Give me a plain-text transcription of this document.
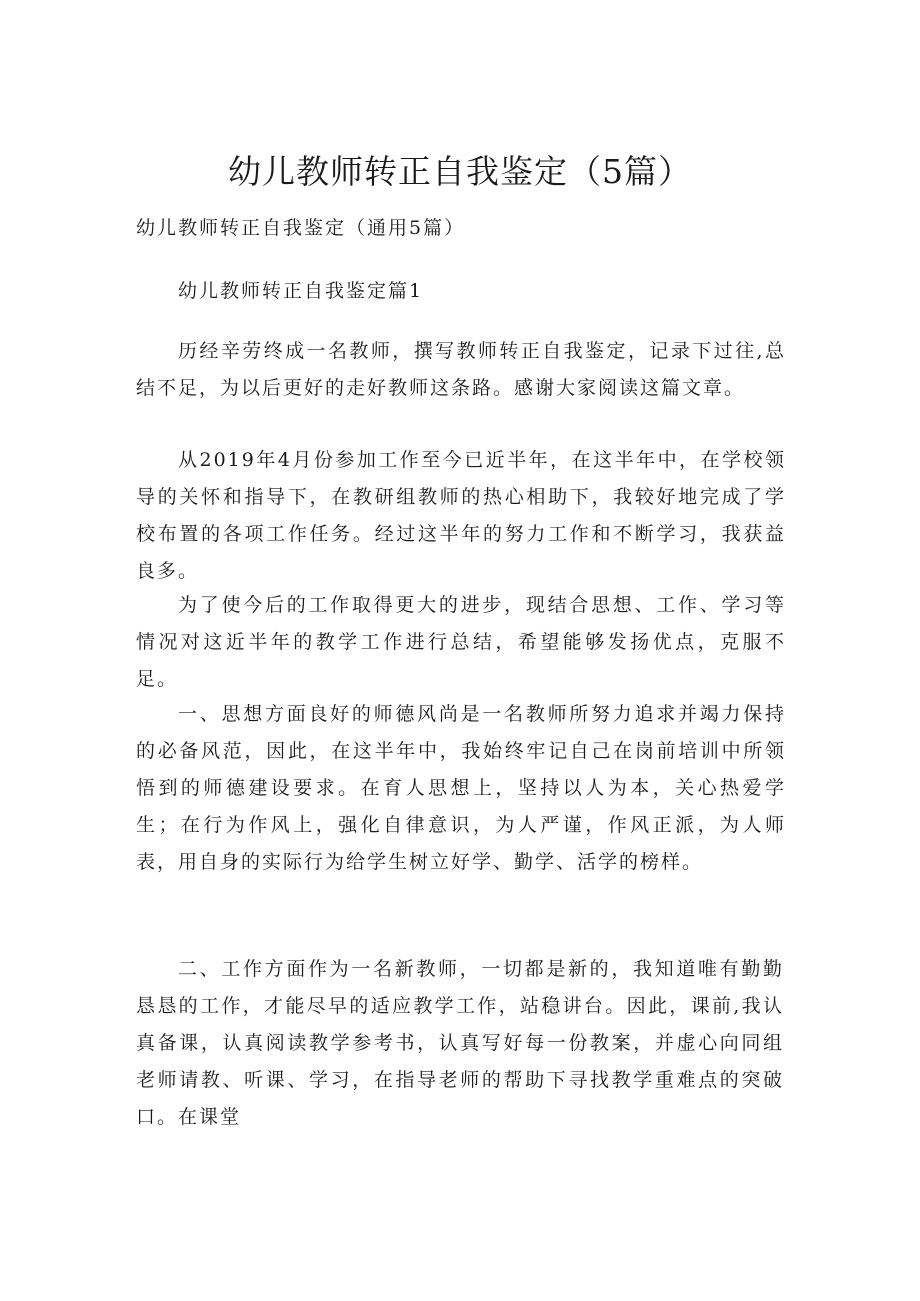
幼儿教师转正自我鉴定（5篇）
幼儿教师转正自我鉴定（通用5篇）
幼儿教师转正自我鉴定篇1

历经辛劳终成一名教师，撰写教师转正自我鉴定，记录下过往,总结不足，为以后更好的走好教师这条路。感谢大家阅读这篇文章。

从2019年4月份参加工作至今已近半年，在这半年中，在学校领导的关怀和指导下，在教研组教师的热心相助下，我较好地完成了学校布置的各项工作任务。经过这半年的努力工作和不断学习，我获益良多。

为了使今后的工作取得更大的进步，现结合思想、工作、学习等情况对这近半年的教学工作进行总结，希望能够发扬优点，克服不足。

一、思想方面良好的师德风尚是一名教师所努力追求并竭力保持的必备风范，因此，在这半年中，我始终牢记自己在岗前培训中所领悟到的师德建设要求。在育人思想上，坚持以人为本，关心热爱学生；在行为作风上，强化自律意识，为人严谨，作风正派，为人师表，用自身的实际行为给学生树立好学、勤学、活学的榜样。

二、工作方面作为一名新教师，一切都是新的，我知道唯有勤勤恳恳的工作，才能尽早的适应教学工作，站稳讲台。因此，课前,我认真备课，认真阅读教学参考书，认真写好每一份教案，并虚心向同组老师请教、听课、学习，在指导老师的帮助下寻找教学重难点的突破口。在课堂
